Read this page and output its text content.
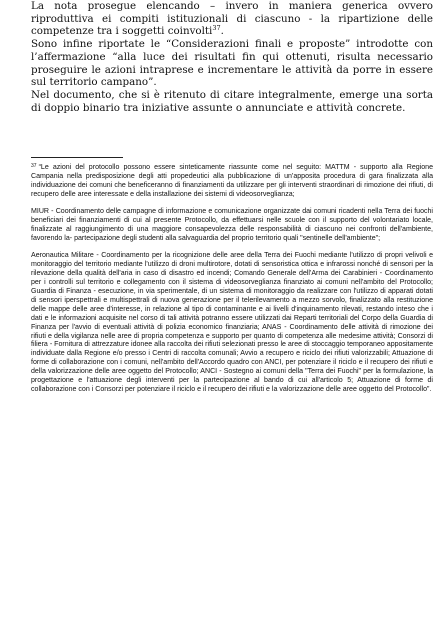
La nota prosegue elencando – invero in maniera generica ovvero riproduttiva ei compiti istituzionali di ciascuno - la ripartizione delle competenze tra i soggetti coinvolti$^{37}$.

Sono infine riportate le “Considerazioni finali e proposte” introdotte con l’affermazione “alla luce dei risultati fin qui ottenuti, risulta necessario proseguire le azioni intraprese e incrementare le attività da porre in essere sul territorio campano”.

Nel documento, che si è ritenuto di citare integralmente, emerge una sorta di doppio binario tra iniziative assunte o annunciate e attività concrete.

$^{37}$ “Le azioni del protocollo possono essere sinteticamente riassunte come nel seguito: MATTM - supporto alla Regione Campania nella predisposizione degli atti propedeutici alla pubblicazione di un'apposita procedura di gara finalizzata alla individuazione dei comuni che beneficeranno di finanziamenti da utilizzare per gli interventi straordinari di rimozione dei rifiuti, di recupero delle aree interessate e della installazione dei sistemi di videosorveglianza;

MIUR - Coordinamento delle campagne di informazione e comunicazione organizzate dai comuni ricadenti nella Terra dei fuochi beneficiari dei finanziamenti di cui al presente Protocollo, da effettuarsi nelle scuole con il supporto del volontariato locale, finalizzate al raggiungimento di una maggiore consapevolezza delle responsabilità di ciascuno nei confronti dell'ambiente, favorendo la- partecipazione degli studenti alla salvaguardia del proprio territorio quali "sentinelle dell'ambiente";

Aeronautica Militare - Coordinamento per la ricognizione delle aree della Terra dei Fuochi mediante l'utilizzo di propri velivoli e monitoraggio del territorio mediante l'utilizzo di droni multirotore, dotati di sensoristica ottica e infrarossi nonché di sensori per la rilevazione della qualità dell'aria in caso di disastro ed incendi; Comando Generale dell'Arma dei Carabinieri - Coordinamento per i controlli sul territorio e collegamento con il sistema di videosorveglianza finanziato ai comuni nell'ambito del Protocollo; Guardia di Finanza - esecuzione, in via sperimentale, di un sistema di monitoraggio da realizzare con l'utilizzo di apparati dotati di sensori iperspettrali e multispettrali di nuova generazione per il telerilevamento a mezzo sorvolo, finalizzato alla restituzione delle mappe delle aree d'interesse, in relazione al tipo di contaminante e ai livelli d'inquinamento rilevati, restando inteso che i dati e le informazioni acquisite nel corso di tali attività potranno essere utilizzati dai Reparti territoriali del Corpo della Guardia di Finanza per l'avvio di eventuali attività di polizia economico finanziaria; ANAS - Coordinamento delle attività di rimozione dei rifiuti e della vigilanza nelle aree di propria competenza e supporto per quanto di competenza alle medesime attività; Consorzi di filiera - Fornitura di attrezzature idonee alla raccolta dei rifiuti selezionati presso le aree di stoccaggio temporaneo appositamente individuate dalla Regione e/o presso i Centri di raccolta comunali; Avvio a recupero e riciclo dei rifiuti valorizzabili; Attuazione di forme di collaborazione con i comuni, nell'ambito dell'Accordo quadro con ANCI, per potenziare il riciclo e il recupero dei rifiuti e della valorizzazione delle aree oggetto del Protocollo; ANCI - Sostegno ai comuni della "Terra dei Fuochi" per la formulazione, la progettazione e l'attuazione degli interventi per la partecipazione al bando di cui all'articolo 5; Attuazione di forme di collaborazione con i Consorzi per potenziare il riciclo e il recupero dei rifiuti e la valorizzazione delle aree oggetto del Protocollo”.
